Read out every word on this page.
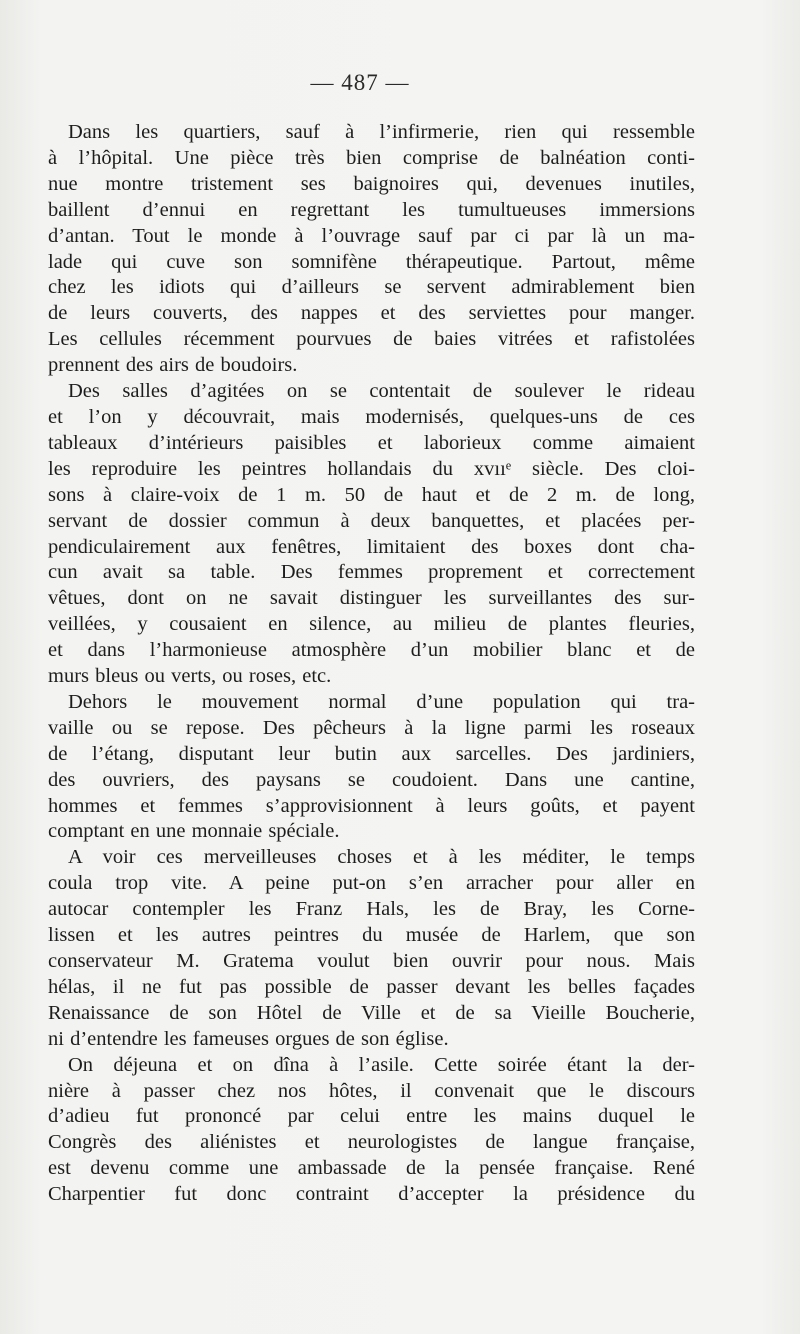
— 487 —
Dans les quartiers, sauf à l’infirmerie, rien qui ressemble
à l’hôpital. Une pièce très bien comprise de balnéation conti-
nue montre tristement ses baignoires qui, devenues inutiles,
baillent d’ennui en regrettant les tumultueuses immersions
d’antan. Tout le monde à l’ouvrage sauf par ci par là un ma-
lade qui cuve son somnifène thérapeutique. Partout, même
chez les idiots qui d’ailleurs se servent admirablement bien
de leurs couverts, des nappes et des serviettes pour manger.
Les cellules récemment pourvues de baies vitrées et rafistolées
prennent des airs de boudoirs.
Des salles d’agitées on se contentait de soulever le rideau
et l’on y découvrait, mais modernisés, quelques-uns de ces
tableaux d’intérieurs paisibles et laborieux comme aimaient
les reproduire les peintres hollandais du xvııᵉ siècle. Des cloi-
sons à claire-voix de 1 m. 50 de haut et de 2 m. de long,
servant de dossier commun à deux banquettes, et placées per-
pendiculairement aux fenêtres, limitaient des boxes dont cha-
cun avait sa table. Des femmes proprement et correctement
vêtues, dont on ne savait distinguer les surveillantes des sur-
veillées, y cousaient en silence, au milieu de plantes fleuries,
et dans l’harmonieuse atmosphère d’un mobilier blanc et de
murs bleus ou verts, ou roses, etc.
Dehors le mouvement normal d’une population qui tra-
vaille ou se repose. Des pêcheurs à la ligne parmi les roseaux
de l’étang, disputant leur butin aux sarcelles. Des jardiniers,
des ouvriers, des paysans se coudoient. Dans une cantine,
hommes et femmes s’approvisionnent à leurs goûts, et payent
comptant en une monnaie spéciale.
A voir ces merveilleuses choses et à les méditer, le temps
coula trop vite. A peine put-on s’en arracher pour aller en
autocar contempler les Franz Hals, les de Bray, les Corne-
lissen et les autres peintres du musée de Harlem, que son
conservateur M. Gratema voulut bien ouvrir pour nous. Mais
hélas, il ne fut pas possible de passer devant les belles façades
Renaissance de son Hôtel de Ville et de sa Vieille Boucherie,
ni d’entendre les fameuses orgues de son église.
On déjeuna et on dîna à l’asile. Cette soirée étant la der-
nière à passer chez nos hôtes, il convenait que le discours
d’adieu fut prononcé par celui entre les mains duquel le
Congrès des aliénistes et neurologistes de langue française,
est devenu comme une ambassade de la pensée française. René
Charpentier fut donc contraint d’accepter la présidence du
